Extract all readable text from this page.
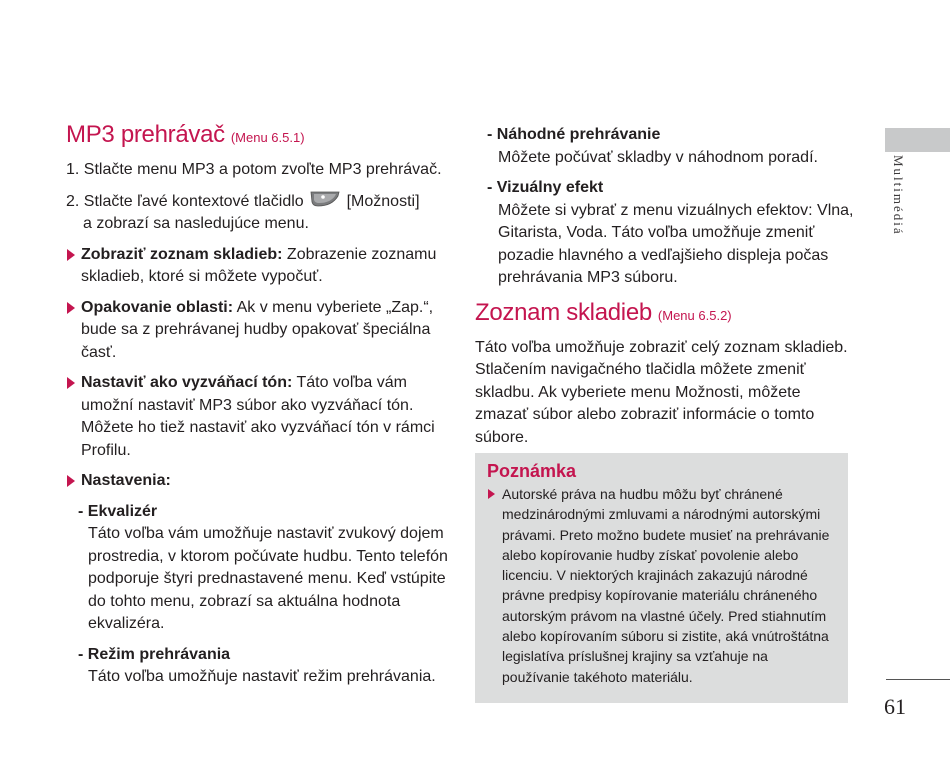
MP3 prehrávač (Menu 6.5.1)

1. Stlačte menu MP3 a potom zvoľte MP3 prehrávač.

2. Stlačte ľavé kontextové tlačidlo	[Možnosti]
a zobrazí sa nasledujúce menu.

Zobraziť zoznam skladieb: Zobrazenie zoznamu skladieb, ktoré si môžete vypočuť.
Opakovanie oblasti: Ak v menu vyberiete „Zap.“, bude sa z prehrávanej hudby opakovať špeciálna časť.
Nastaviť ako vyzváňací tón: Táto voľba vám umožní nastaviť MP3 súbor ako vyzváňací tón. Môžete ho tiež nastaviť ako vyzváňací tón v rámci Profilu.
Nastavenia:
- Ekvalizér
Táto voľba vám umožňuje nastaviť zvukový dojem prostredia, v ktorom počúvate hudbu. Tento telefón podporuje štyri prednastavené menu. Keď vstúpite do tohto menu, zobrazí sa aktuálna hodnota ekvalizéra.
- Režim prehrávania
Táto voľba umožňuje nastaviť režim prehrávania.
- Náhodné prehrávanie
Môžete počúvať skladby v náhodnom poradí.
- Vizuálny efekt
Môžete si vybrať z menu vizuálnych efektov: Vlna, Gitarista, Voda. Táto voľba umožňuje zmeniť pozadie hlavného a vedľajšieho displeja počas prehrávania MP3 súboru.
Zoznam skladieb (Menu 6.5.2)

Táto voľba umožňuje zobraziť celý zoznam skladieb. Stlačením navigačného tlačidla môžete zmeniť skladbu. Ak vyberiete menu Možnosti, môžete zmazať súbor alebo zobraziť informácie o tomto súbore.

Poznámka
Autorské práva na hudbu môžu byť chránené medzinárodnými zmluvami a národnými autorskými právami. Preto možno budete musieť na prehrávanie alebo kopírovanie hudby získať povolenie alebo licenciu. V niektorých krajinách zakazujú národné právne predpisy kopírovanie materiálu chráneného autorským právom na vlastné účely. Pred stiahnutím alebo kopírovaním súboru si zistite, aká vnútroštátna legislatíva príslušnej krajiny sa vzťahuje na používanie takéhoto materiálu.
Multimédiá
61
